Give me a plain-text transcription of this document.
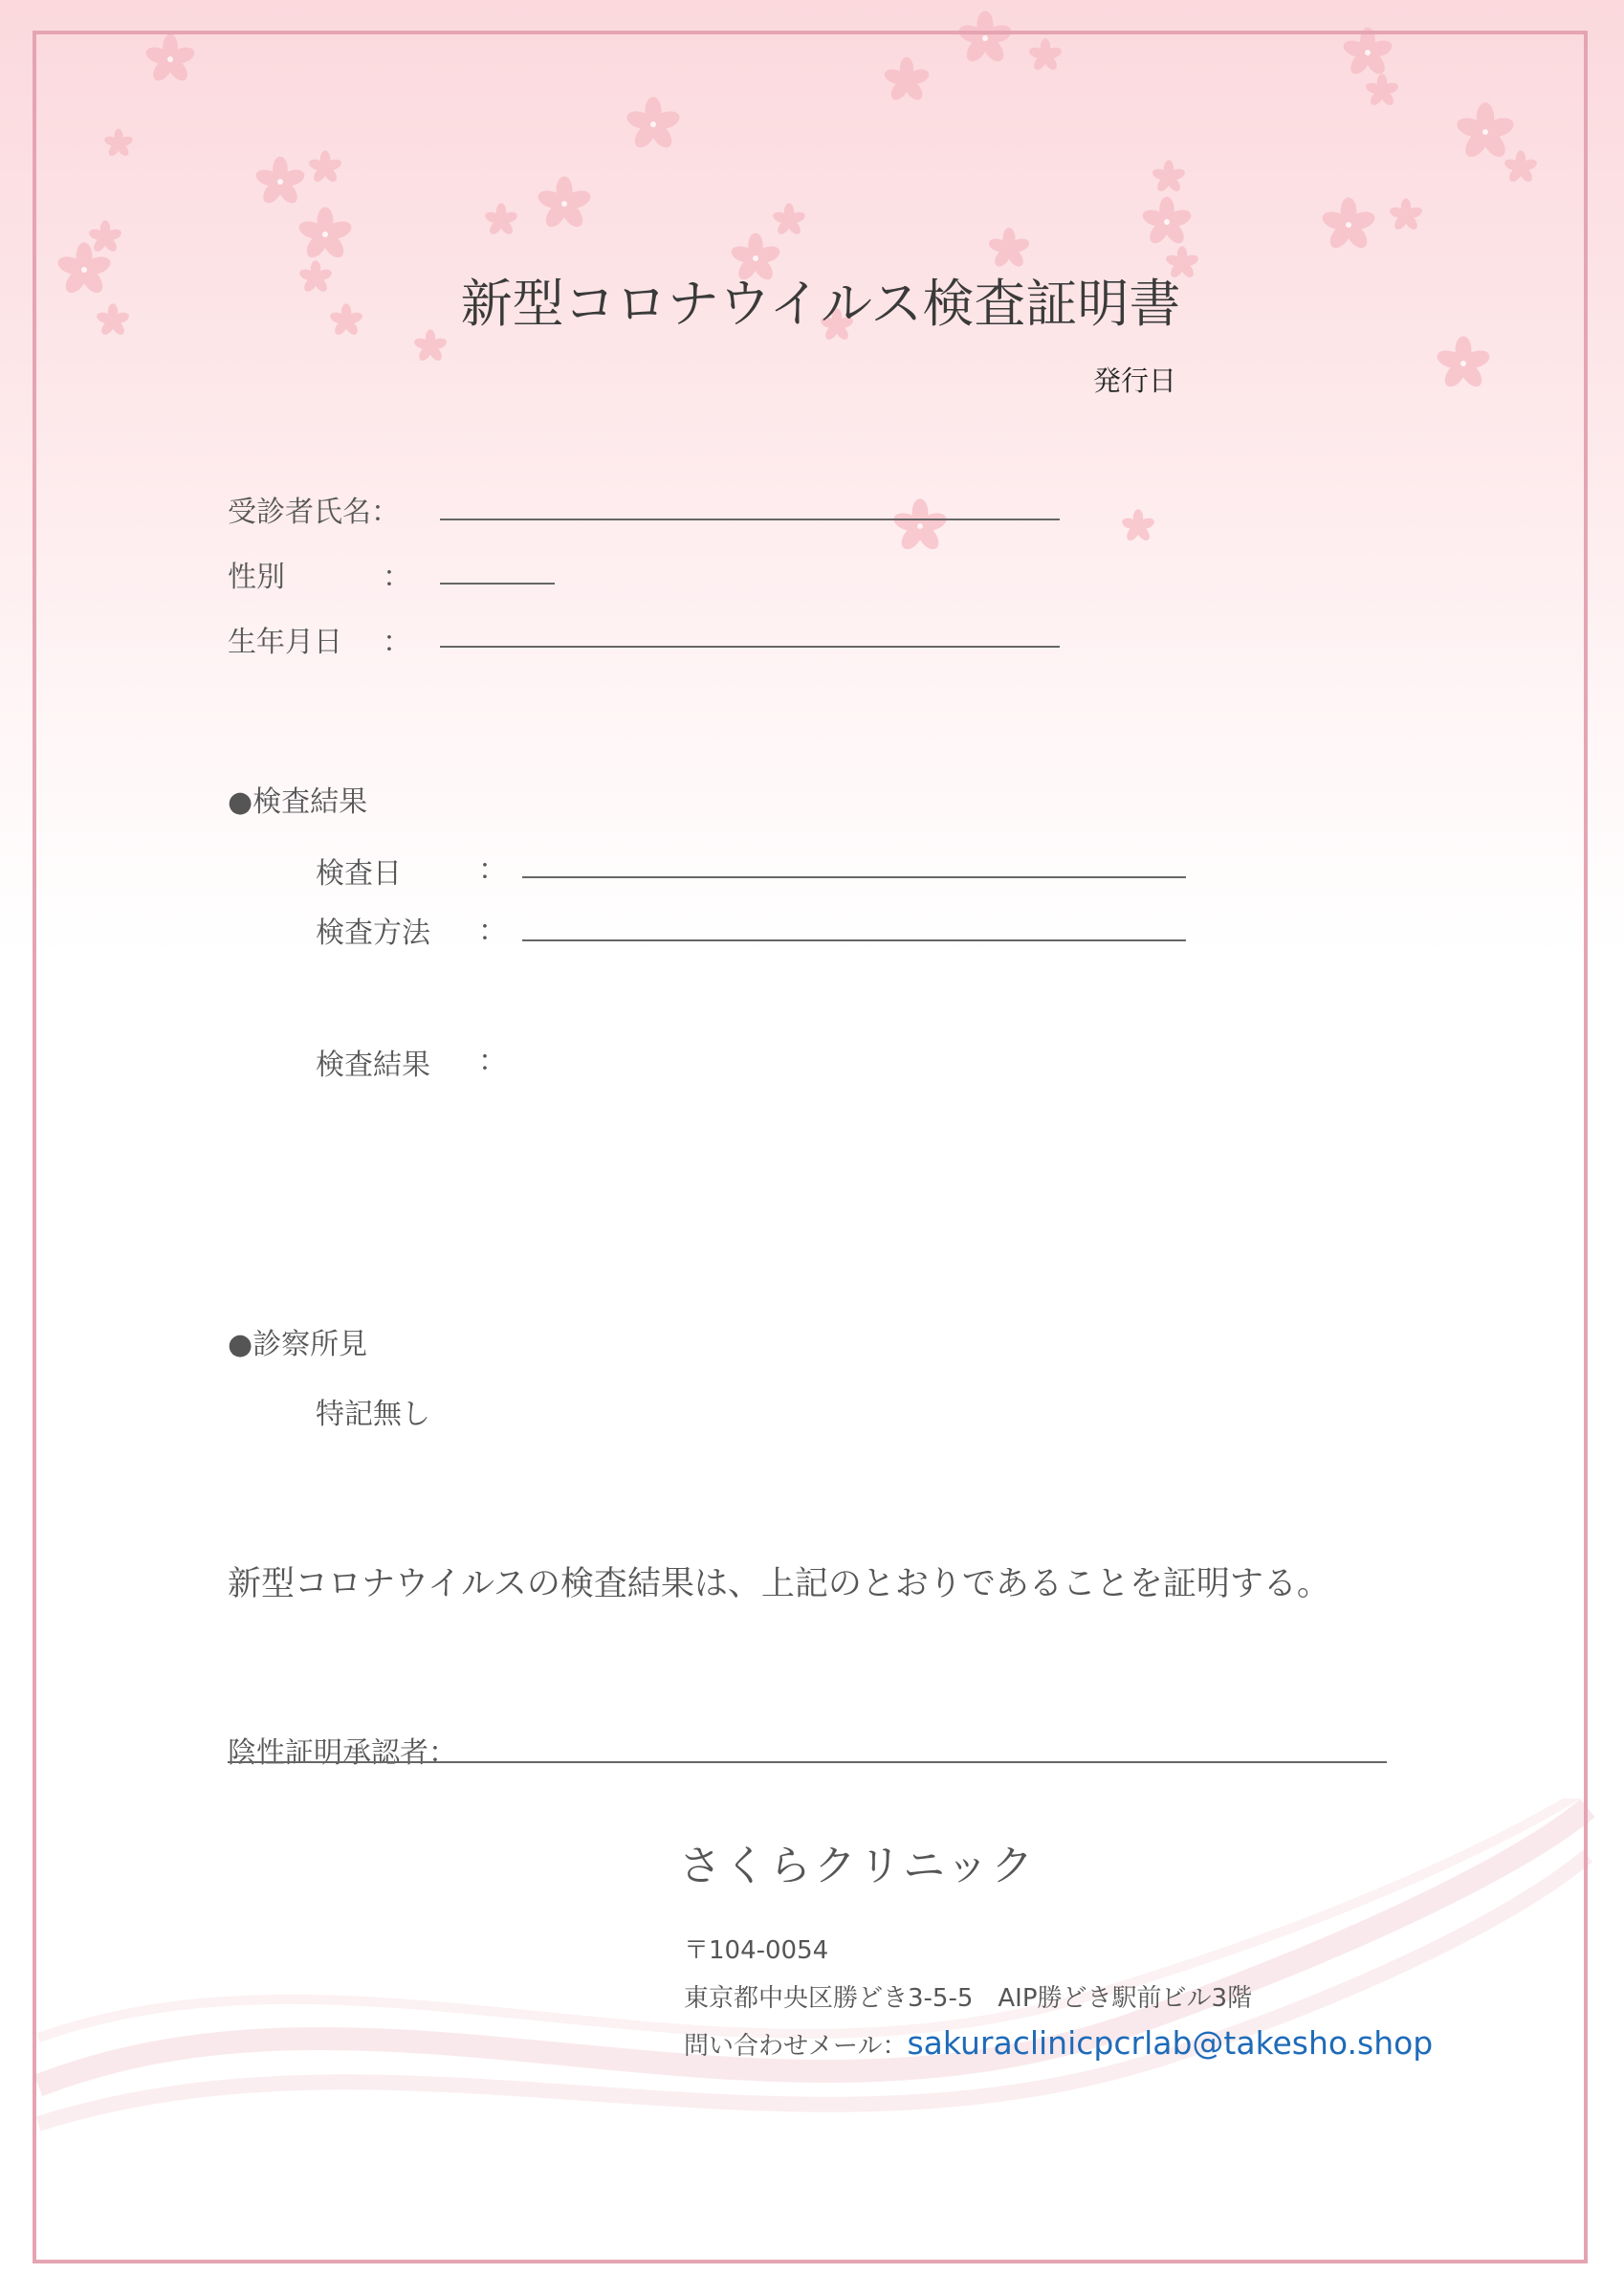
新型コロナウイルス検査証明書
発行日
受診者氏名：
性別	：
生年月日 ：
●検査結果
検査日	：
検査方法 ：
検査結果 ：
●診察所見
特記無し
新型コロナウイルスの検査結果は、上記のとおりであることを証明する。
陰性証明承認者：
さくらクリニック
〒104-0054
東京都中央区勝どき3-5-5　AIP勝どき駅前ビル3階
問い合わせメール：sakuraclinicpcrlab@takesho.shop
